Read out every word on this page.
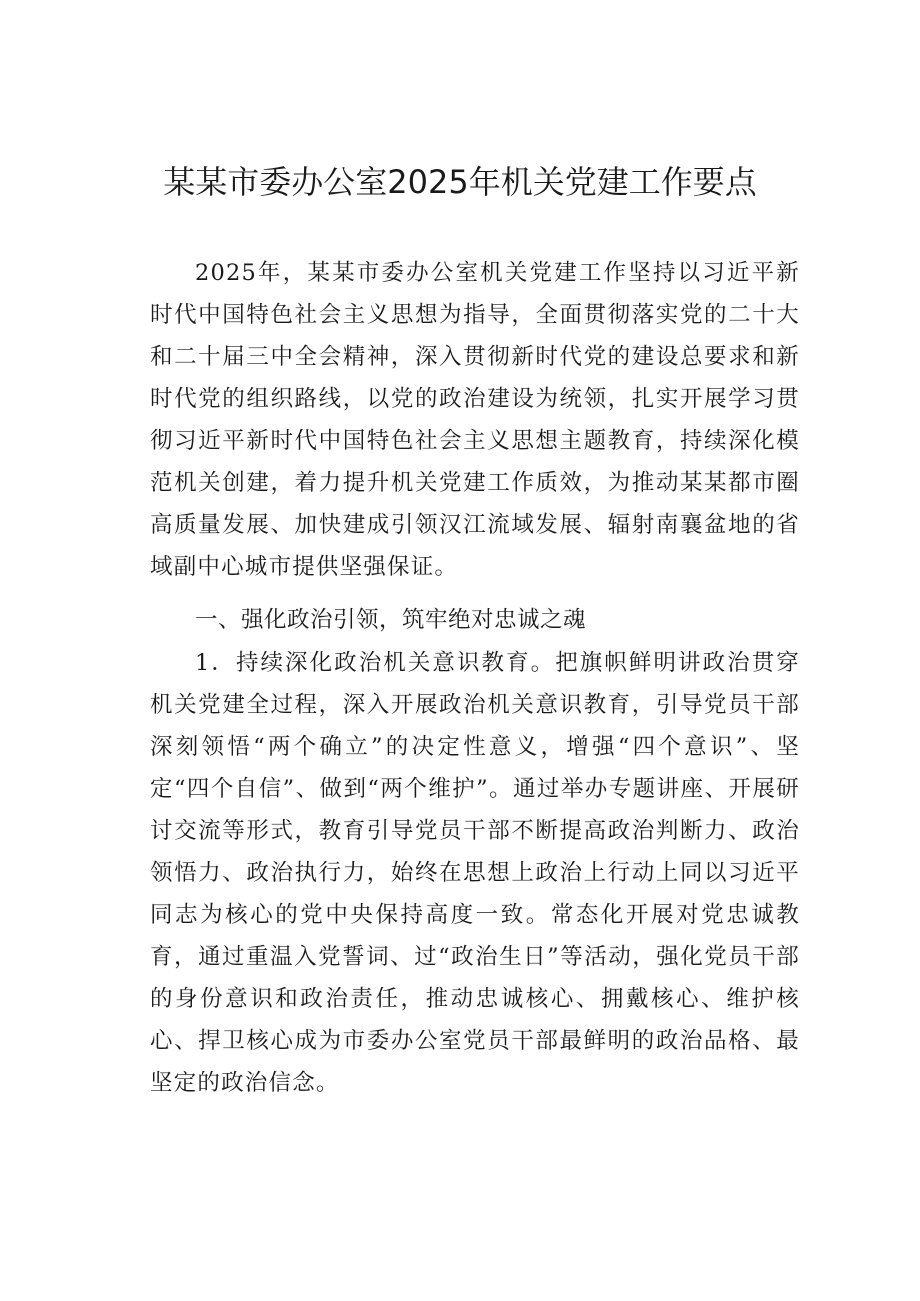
某某市委办公室2025年机关党建工作要点

2025年，某某市委办公室机关党建工作坚持以习近平新时代中国特色社会主义思想为指导，全面贯彻落实党的二十大和二十届三中全会精神，深入贯彻新时代党的建设总要求和新时代党的组织路线，以党的政治建设为统领，扎实开展学习贯彻习近平新时代中国特色社会主义思想主题教育，持续深化模范机关创建，着力提升机关党建工作质效，为推动某某都市圈高质量发展、加快建成引领汉江流域发展、辐射南襄盆地的省域副中心城市提供坚强保证。

一、强化政治引领，筑牢绝对忠诚之魂

1．持续深化政治机关意识教育。把旗帜鲜明讲政治贯穿机关党建全过程，深入开展政治机关意识教育，引导党员干部深刻领悟“两个确立”的决定性意义，增强“四个意识”、坚定“四个自信”、做到“两个维护”。通过举办专题讲座、开展研讨交流等形式，教育引导党员干部不断提高政治判断力、政治领悟力、政治执行力，始终在思想上政治上行动上同以习近平同志为核心的党中央保持高度一致。常态化开展对党忠诚教育，通过重温入党誓词、过“政治生日”等活动，强化党员干部的身份意识和政治责任，推动忠诚核心、拥戴核心、维护核心、捍卫核心成为市委办公室党员干部最鲜明的政治品格、最坚定的政治信念。
